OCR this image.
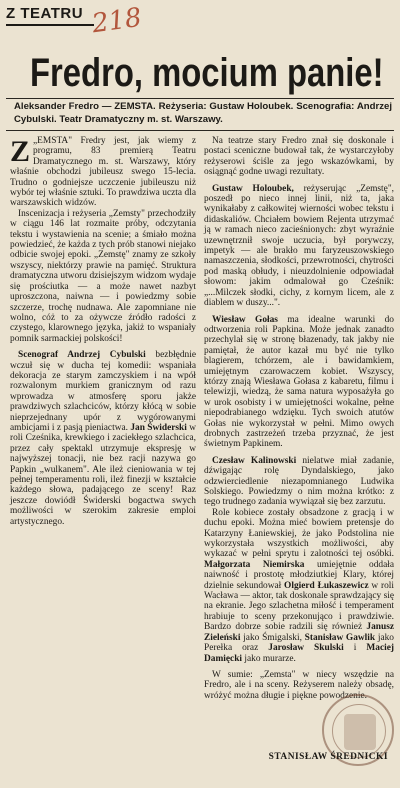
Z TEATRU 218
Fredro, mocium panie!
Aleksander Fredro — ZEMSTA. Reżyseria: Gustaw Holoubek. Scenografia: Andrzej Cybulski. Teatr Dramatyczny m. st. Warszawy.

Z „EMSTA" Fredry jest, jak wiemy z programu, 83 premierą Teatru Dramatycznego m. st. Warszawy, który właśnie obchodzi jubileusz swego 15-lecia. Trudno o godniejsze uczczenie jubileuszu niż wybór tej właśnie sztuki. To prawdziwa uczta dla warszawskich widzów.

Inscenizacja i reżyseria „Zemsty" przechodziły w ciągu 146 lat rozmaite próby, odczytania tekstu i wystawienia na scenie; a śmiało można powiedzieć, że każda z tych prób stanowi niejako odbicie swojej epoki. „Zemstę" znamy ze szkoły wszyscy, niektórzy prawie na pamięć. Struktura dramatyczna utworu dzisiejszym widzom wydaje się prościutka — a może nawet nazbyt uproszczona, naiwna — i powiedzmy sobie szczerze, trochę nudnawa. Ale zapomniane nie wolno, cóż to za ożywcze źródło radości z czystego, klarownego języka, jakiż to wspaniały pomnik sarmackiej polskości!

Scenograf Andrzej Cybulski bezbłędnie wczuł się w ducha tej komedii: wspaniała dekoracja ze starym zamczyskiem i na wpół rozwalonym murkiem granicznym od razu wprowadza w atmosferę sporu jakże prawdziwych szlachciców, którzy kłócą w sobie nieprzejednany upór z wygórowanymi ambicjami i z pasją pieniactwa. Jan Świderski w roli Cześnika, krewkiego i zaciekłego szlachcica, przez cały spektakl utrzymuje ekspresję w najwyższej tonacji, nie bez racji nazywa go Papkin „wulkanem". Ale ileż cieniowania w tej pełnej temperamentu roli, ileż finezji w kształcie każdego słowa, padającego ze sceny! Raz jeszcze dowiódł Świderski bogactwa swych możliwości w szerokim zakresie emploi artystycznego.

Na teatrze stary Fredro znał się doskonale i postaci sceniczne budował tak, że wystarczyłoby reżyserowi ściśle za jego wskazówkami, by osiągnąć godne uwagi rezultaty.

Gustaw Holoubek, reżyserując „Zemstę", poszedł po nieco innej linii, niż ta, jaka wynikałaby z całkowitej wierności wobec tekstu i didaskaliów. Chciałem bowiem Rejenta utrzymać ją w ramach nieco zacieśnionych: zbyt wyraźnie uzewnętrznił swoje uczucia, był porywczy, impetyk — ale brakło mu faryzeuszowskiego namaszczenia, słodkości, przewrotności, chytrości pod maską obłudy, i nieuzdolnienie odpowiadał słowom: jakim odmalował go Cześnik: „...Milczek słodki, cichy, z kornym licem, ale z diablem w duszy...".

Wiesław Gołas ma idealne warunki do odtworzenia roli Papkina. Może jednak zanadto przechylał się w stronę błazenady, tak jakby nie pamiętał, że autor kazał mu być nie tylko blagierem, tchórzem, ale i bawidamkiem, umiejętnym czarowaczem kobiet. Wszyscy, którzy znają Wiesława Gołasa z kabaretu, filmu i telewizji, wiedzą, że sama natura wyposażyła go w urok osobisty i w umiejętności wokalne, pełne niepodrabianego wdzięku. Tych swoich atutów Gołas nie wykorzystał w pełni. Mimo owych drobnych zastrzeżeń trzeba przyznać, że jest świetnym Papkinem.

Czesław Kalinowski nielatwe miał zadanie, dźwigając rolę Dyndalskiego, jako odzwierciedlenie niezapomnianego Ludwika Solskiego. Powiedzmy o nim można krótko: z tego trudnego zadania wywiązał się bez zarzutu.

Role kobiece zostały obsadzone z gracją i w duchu epoki. Można mieć bowiem pretensje do Katarzyny Łaniewskiej, że jako Podstolina nie wykorzystała wszystkich możliwości, aby wykazać w pełni sprytu i zalotności tej osóbki. Małgorzata Niemirska umiejętnie oddała naiwność i prostotę młodziutkiej Klary, której dzielnie sekundował Olgierd Łukaszewicz w roli Wacława — aktor, tak doskonale sprawdzający się na ekranie. Jego szlachetna miłość i temperament hrabiuje to sceny przekonująco i prawdziwie. Bardzo dobrze sobie radzili się również Janusz Zieleński jako Śmigalski, Stanisław Gawlik jako Perełka oraz Jarosław Skulski i Maciej Damięcki jako murarze.

W sumie: „Zemsta" w niecy wszędzie na Fredro, ale i na sceny. Reżyserem należy obsadę, wróżyć można długie i piękne powodzenie.

STANISŁAW ŚREDNICKI
